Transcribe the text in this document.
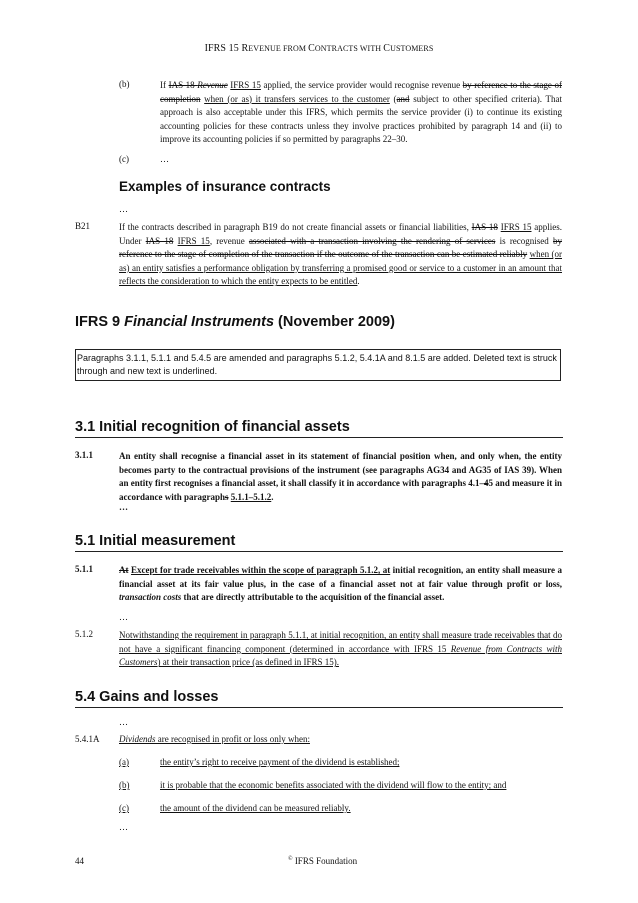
IFRS 15 REVENUE FROM CONTRACTS WITH CUSTOMERS
(b)	If IAS 18 Revenue IFRS 15 applied, the service provider would recognise revenue by reference to the stage of completion when (or as) it transfers services to the customer (and subject to other specified criteria). That approach is also acceptable under this IFRS, which permits the service provider (i) to continue its existing accounting policies for these contracts unless they involve practices prohibited by paragraph 14 and (ii) to improve its accounting policies if so permitted by paragraphs 22–30.
(c)	…
Examples of insurance contracts
…
B21	If the contracts described in paragraph B19 do not create financial assets or financial liabilities, IAS 18 IFRS 15 applies. Under IAS 18 IFRS 15, revenue associated with a transaction involving the rendering of services is recognised by reference to the stage of completion of the transaction if the outcome of the transaction can be estimated reliably when (or as) an entity satisfies a performance obligation by transferring a promised good or service to a customer in an amount that reflects the consideration to which the entity expects to be entitled.
IFRS 9 Financial Instruments (November 2009)
Paragraphs 3.1.1, 5.1.1 and 5.4.5 are amended and paragraphs 5.1.2, 5.4.1A and 8.1.5 are added. Deleted text is struck through and new text is underlined.
3.1 Initial recognition of financial assets
3.1.1	An entity shall recognise a financial asset in its statement of financial position when, and only when, the entity becomes party to the contractual provisions of the instrument (see paragraphs AG34 and AG35 of IAS 39). When an entity first recognises a financial asset, it shall classify it in accordance with paragraphs 4.1–45 and measure it in accordance with paragraphs 5.1.1–5.1.2.
…
5.1 Initial measurement
5.1.1	At Except for trade receivables within the scope of paragraph 5.1.2, at initial recognition, an entity shall measure a financial asset at its fair value plus, in the case of a financial asset not at fair value through profit or loss, transaction costs that are directly attributable to the acquisition of the financial asset.
…
5.1.2	Notwithstanding the requirement in paragraph 5.1.1, at initial recognition, an entity shall measure trade receivables that do not have a significant financing component (determined in accordance with IFRS 15 Revenue from Contracts with Customers) at their transaction price (as defined in IFRS 15).
5.4 Gains and losses
…
5.4.1A Dividends are recognised in profit or loss only when:
(a)	the entity’s right to receive payment of the dividend is established;
(b)	it is probable that the economic benefits associated with the dividend will flow to the entity; and
(c)	the amount of the dividend can be measured reliably.
…
44	© IFRS Foundation
